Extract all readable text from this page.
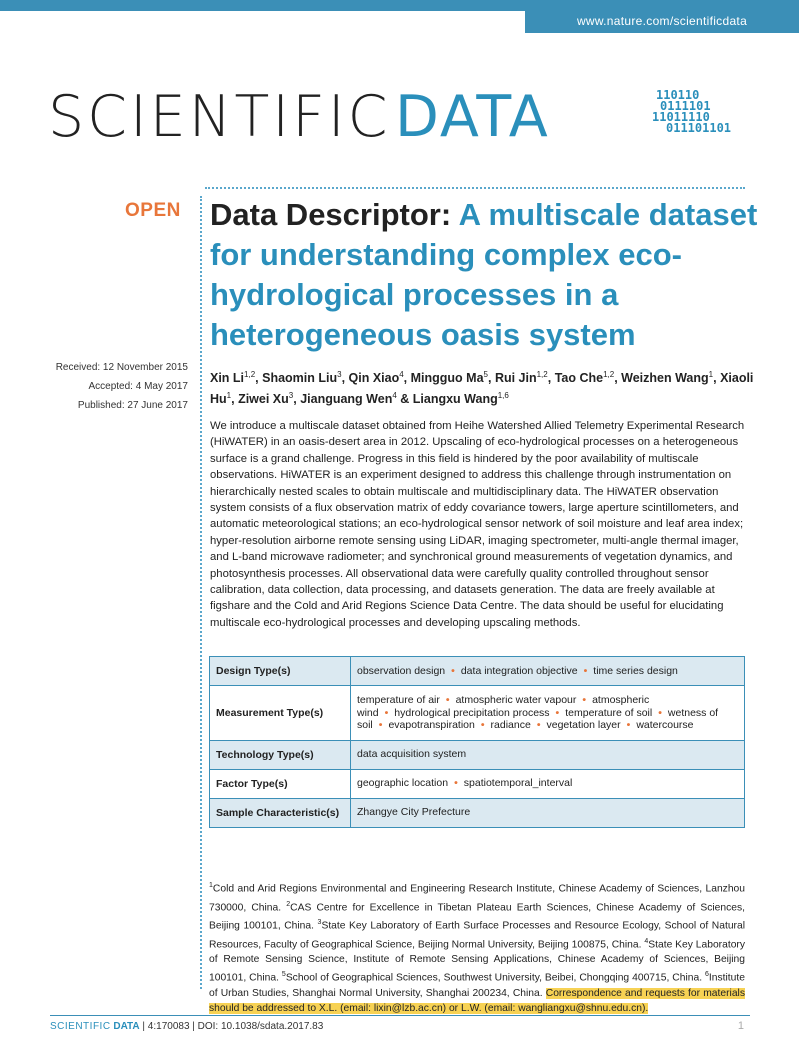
www.nature.com/scientificdata
SCIENTIFIC DATA	110110
0111101
11011110
011101101
OPEN Data Descriptor: A multiscale dataset for understanding complex eco-hydrological processes in a heterogeneous oasis system
Received: 12 November 2015
Accepted: 4 May 2017
Published: 27 June 2017
Xin Li$^{1,2}$, Shaomin Liu$^3$, Qin Xiao$^4$, Mingguo Ma$^5$, Rui Jin$^{1,2}$, Tao Che$^{1,2}$, Weizhen Wang$^1$, Xiaoli Hu$^1$, Ziwei Xu$^3$, Jianguang Wen$^4$ & Liangxu Wang$^{1,6}$
We introduce a multiscale dataset obtained from Heihe Watershed Allied Telemetry Experimental Research (HiWATER) in an oasis-desert area in 2012. Upscaling of eco-hydrological processes on a heterogeneous surface is a grand challenge. Progress in this field is hindered by the poor availability of multiscale observations. HiWATER is an experiment designed to address this challenge through instrumentation on hierarchically nested scales to obtain multiscale and multidisciplinary data. The HiWATER observation system consists of a flux observation matrix of eddy covariance towers, large aperture scintillometers, and automatic meteorological stations; an eco-hydrological sensor network of soil moisture and leaf area index; hyper-resolution airborne remote sensing using LiDAR, imaging spectrometer, multi-angle thermal imager, and L-band microwave radiometer; and synchronical ground measurements of vegetation dynamics, and photosynthesis processes. All observational data were carefully quality controlled throughout sensor calibration, data collection, data processing, and datasets generation. The data are freely available at figshare and the Cold and Arid Regions Science Data Centre. The data should be useful for elucidating multiscale eco-hydrological processes and developing upscaling methods.
Design Type(s)	observation design • data integration objective • time series design
Measurement Type(s)	temperature of air • atmospheric water vapour • atmospheric wind • hydrological precipitation process • temperature of soil • wetness of soil • evapotranspiration • radiance • vegetation layer • watercourse
Technology Type(s)	data acquisition system
Factor Type(s)	geographic location • spatiotemporal_interval
Sample Characteristic(s)	Zhangye City Prefecture
$^1$Cold and Arid Regions Environmental and Engineering Research Institute, Chinese Academy of Sciences, Lanzhou 730000, China. $^2$CAS Centre for Excellence in Tibetan Plateau Earth Sciences, Chinese Academy of Sciences, Beijing 100101, China. $^3$State Key Laboratory of Earth Surface Processes and Resource Ecology, School of Natural Resources, Faculty of Geographical Science, Beijing Normal University, Beijing 100875, China. $^4$State Key Laboratory of Remote Sensing Science, Institute of Remote Sensing Applications, Chinese Academy of Sciences, Beijing 100101, China. $^5$School of Geographical Sciences, Southwest University, Beibei, Chongqing 400715, China. $^6$Institute of Urban Studies, Shanghai Normal University, Shanghai 200234, China. Correspondence and requests for materials should be addressed to X.L. (email: lixin@lzb.ac.cn) or L.W. (email: wangliangxu@shnu.edu.cn).
SCIENTIFIC DATA | 4:170083 | DOI: 10.1038/sdata.2017.83	1
